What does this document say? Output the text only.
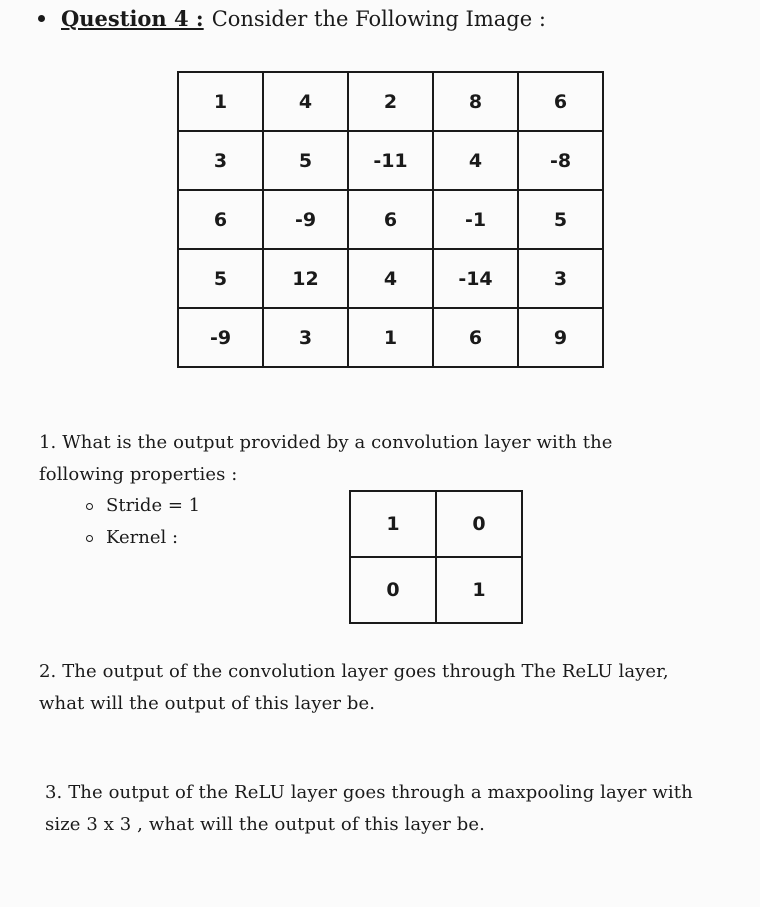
Question 4 : Consider the Following Image :
1	4	2	8	6
3	5	-11	4	-8
6	-9	6	-1	5
5	12	4	-14	3
-9	3	1	6	9
1. What is the output provided by a convolution layer with the
following properties :
Stride = 1
Kernel :
1	0
0	1
2. The output of the convolution layer goes through The ReLU layer,
what will the output of this layer be.
3. The output of the ReLU layer goes through a maxpooling layer with
size 3 x 3 , what will the output of this layer be.
